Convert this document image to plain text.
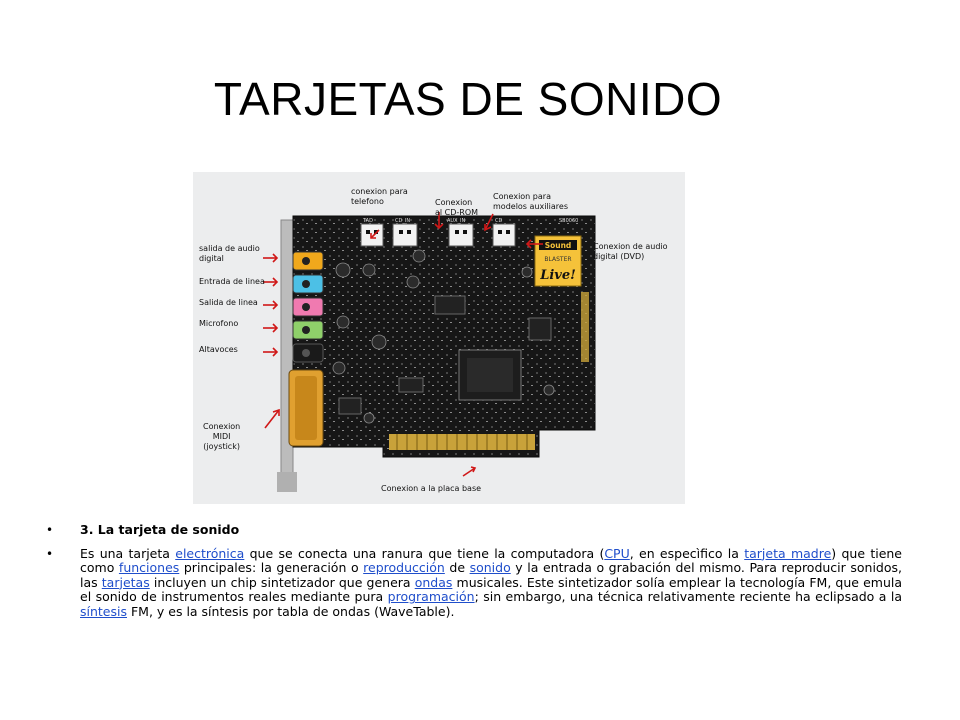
TARJETAS DE SONIDO
Sound
BLASTER
Live!
TAD	CD_IN	AUX_IN	CD	SB0060
conexion para
telefono	Conexion
al CD-ROM
Conexion para
modelos auxiliares
salida de audio
digital
Entrada de linea
Salida de linea
Microfono
Altavoces
Conexion
MIDI
(joystick)
Conexion de audio
digital (DVD)
Conexion a la placa base
• 3. La tarjeta de sonido
• Es una tarjeta electrónica que se conecta una ranura que tiene la computadora (CPU, en especìfico la tarjeta madre) que tiene como funciones principales: la generación o reproducción de sonido y la entrada o grabación del mismo. Para reproducir sonidos, las tarjetas incluyen un chip sintetizador que genera ondas musicales. Este sintetizador solía emplear la tecnología FM, que emula el sonido de instrumentos reales mediante pura programación; sin embargo, una técnica relativamente reciente ha eclipsado a la síntesis FM, y es la síntesis por tabla de ondas (WaveTable).
